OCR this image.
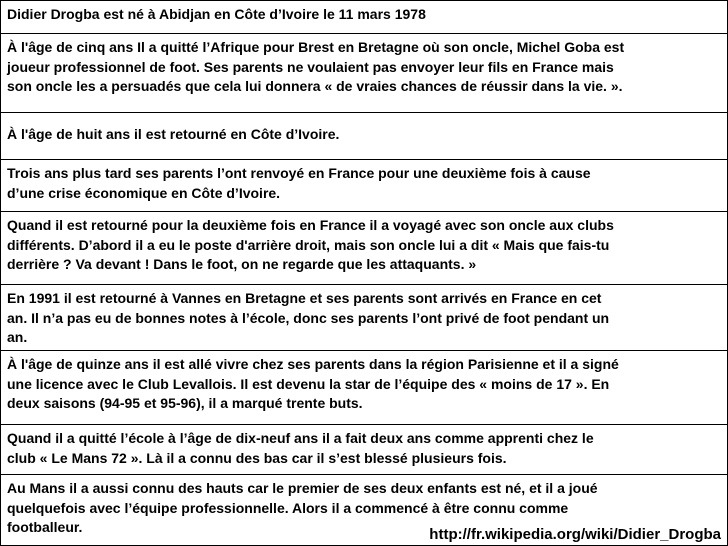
Didier Drogba est né à Abidjan en Côte d’Ivoire le 11 mars 1978
À l'âge de cinq ans Il a quitté l’Afrique pour Brest en Bretagne où son oncle, Michel Goba est
joueur professionnel de foot. Ses parents ne voulaient pas envoyer leur fils en France mais
son oncle les a persuadés que cela lui donnera « de vraies chances de réussir dans la vie. ».
À l'âge de huit ans il est retourné en Côte d’Ivoire.
Trois ans plus tard ses parents l’ont renvoyé en France pour une deuxième fois à cause
d’une crise économique en Côte d’Ivoire.
Quand il est retourné pour la deuxième fois en France il a voyagé avec son oncle aux clubs
différents. D’abord il a eu le poste d'arrière droit, mais son oncle lui a dit « Mais que fais-tu
derrière ? Va devant ! Dans le foot, on ne regarde que les attaquants. »
En 1991 il est retourné à Vannes en Bretagne et ses parents sont arrivés en France en cet
an. Il n’a pas eu de bonnes notes à l’école, donc ses parents l’ont privé de foot pendant un
an.
À l'âge de quinze ans il est allé vivre chez ses parents dans la région Parisienne et il a signé
une licence avec le Club Levallois. Il est devenu la star de l’équipe des « moins de 17 ». En
deux saisons (94-95 et 95-96), il a marqué trente buts.
Quand il a quitté l’école à l’âge de dix-neuf ans il a fait deux ans comme apprenti chez le
club « Le Mans 72 ». Là il a connu des bas car il s’est blessé plusieurs fois.
Au Mans il a aussi connu des hauts car le premier de ses deux enfants est né, et il a joué
quelquefois avec l’équipe professionnelle. Alors il a commencé à être connu comme
footballeur.	http://fr.wikipedia.org/wiki/Didier_Drogba
